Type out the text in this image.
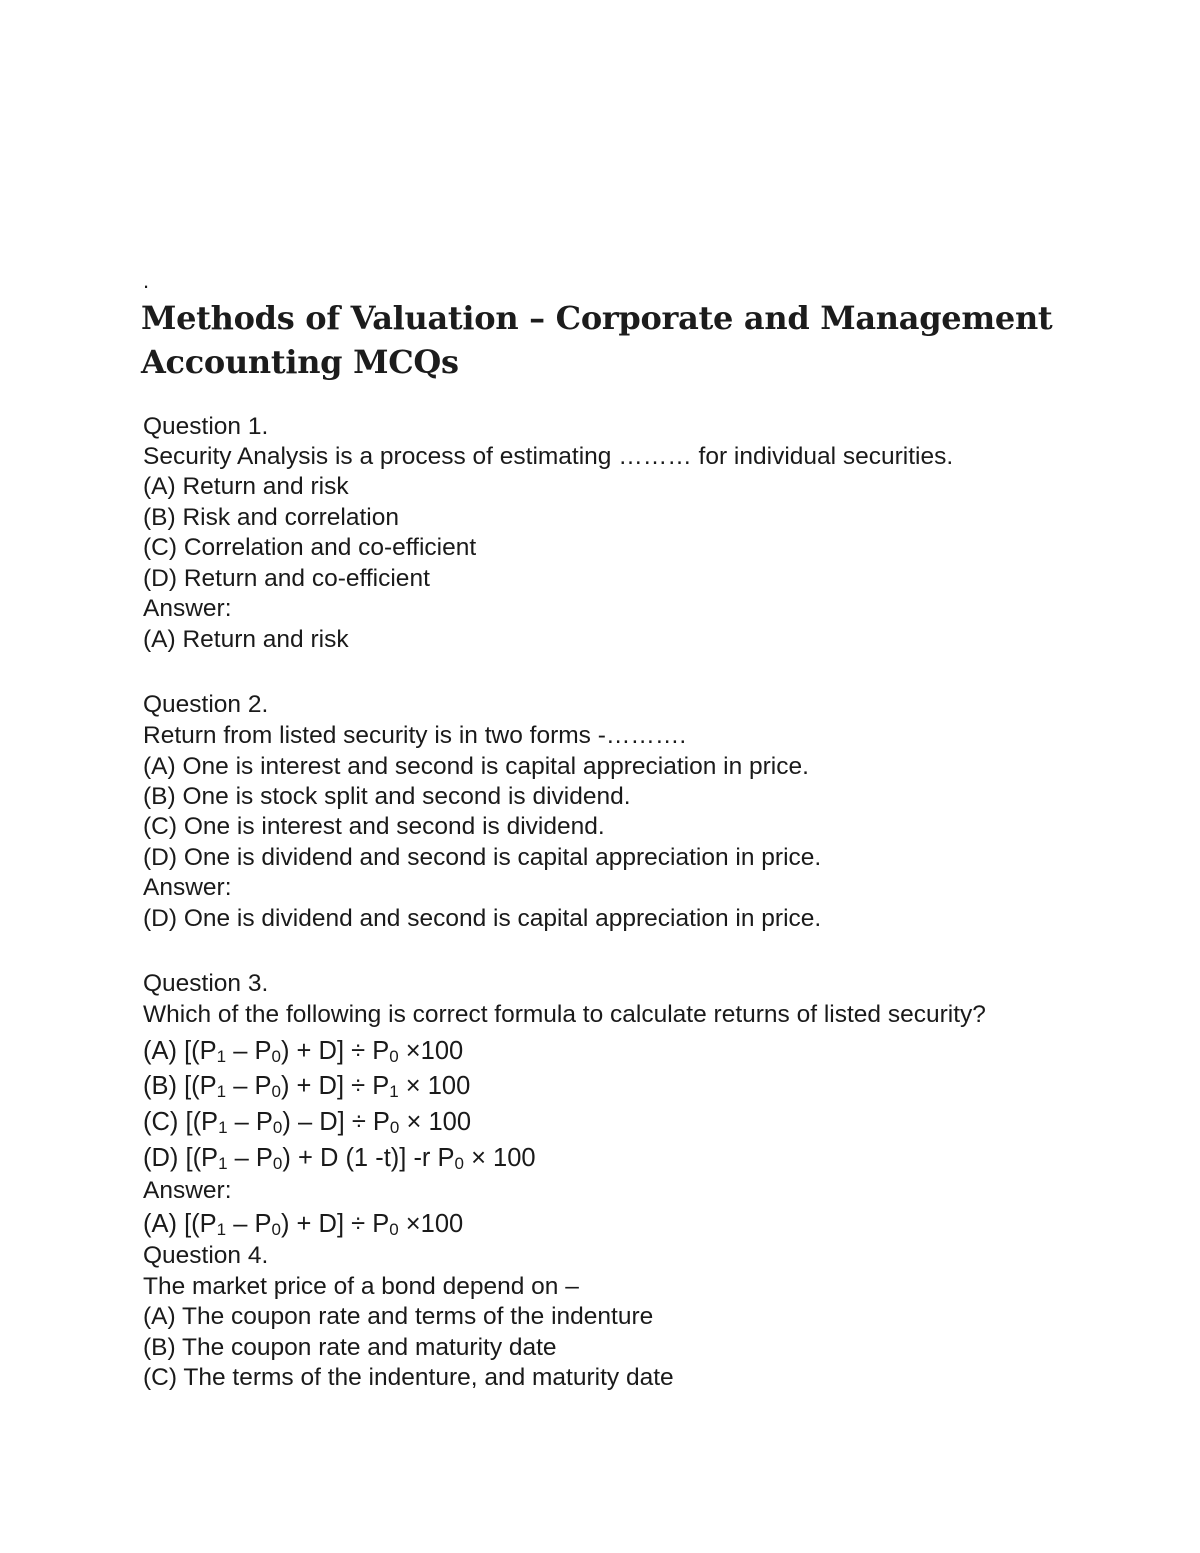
.
Methods of Valuation – Corporate and Management
Accounting MCQs
Question 1.
Security Analysis is a process of estimating ……… for individual securities.
(A) Return and risk
(B) Risk and correlation
(C) Correlation and co-efficient
(D) Return and co-efficient
Answer:
(A) Return and risk
Question 2.
Return from listed security is in two forms -……….
(A) One is interest and second is capital appreciation in price.
(B) One is stock split and second is dividend.
(C) One is interest and second is dividend.
(D) One is dividend and second is capital appreciation in price.
Answer:
(D) One is dividend and second is capital appreciation in price.
Question 3.
Which of the following is correct formula to calculate returns of listed security?
(A) $[(P_1 - P_0) + D] \div P_0 \times 100$
(B) $[(P_1 - P_0) + D] \div P_1 \times 100$
(C) $[(P_1 - P_0) - D] \div P_0 \times 100$
(D) [$(P_1 - P_0) + D$ (1 -t)] -r $P_0 \times 100$
Answer:
(A) $[(P_1 - P_0) + D] \div P_0 \times 100$
Question 4.
The market price of a bond depend on –
(A) The coupon rate and terms of the indenture
(B) The coupon rate and maturity date
(C) The terms of the indenture, and maturity date
